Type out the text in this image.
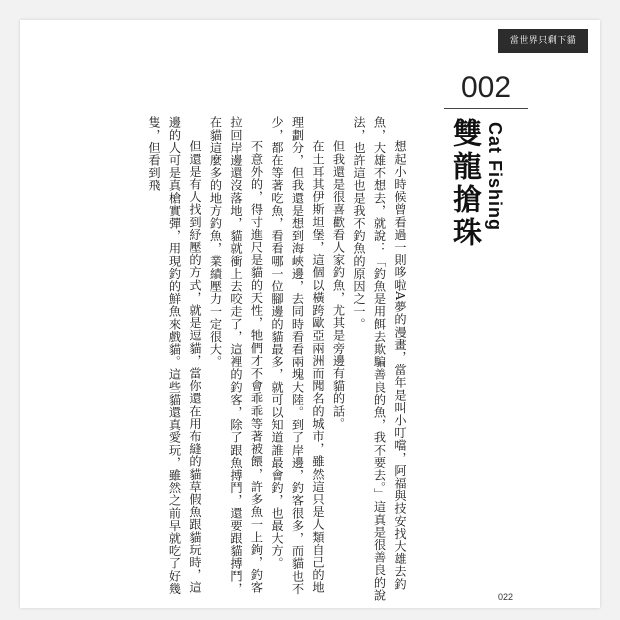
當世界只剩下貓
002
Cat Fishing
雙龍搶珠

想起小時候曾看過一則哆啦A夢的漫畫，當年是叫小叮噹，阿福與技安找大雄去釣魚，大雄不想去，就說：「釣魚是用餌去欺騙善良的魚，我不要去。」這真是很善良的說法，也許這也是我不釣魚的原因之一。

但我還是很喜歡看人家釣魚，尤其是旁邊有貓的話。

在土耳其伊斯坦堡，這個以橫跨歐亞兩洲而聞名的城市，雖然這只是人類自己的地理劃分，但我還是想到海峽邊，去同時看看兩塊大陸。到了岸邊，釣客很多，而貓也不少，都在等著吃魚，看看哪一位腳邊的貓最多，就可以知道誰最會釣，也最大方。

不意外的，得寸進尺是貓的天性，牠們才不會乖乖等著被餵，許多魚一上鉤，釣客拉回岸邊還沒落地，貓就衝上去咬走了，這裡的釣客，除了跟魚搏鬥，還要跟貓搏鬥，在貓這麼多的地方釣魚，業績壓力一定很大。

但還是有人找到紓壓的方式，就是逗貓，當你還在用布縫的貓草假魚跟貓玩時，這邊的人可是真槍實彈，用現釣的鮮魚來戲貓。這些貓還真愛玩，雖然之前早就吃了好幾隻，但看到飛

022
